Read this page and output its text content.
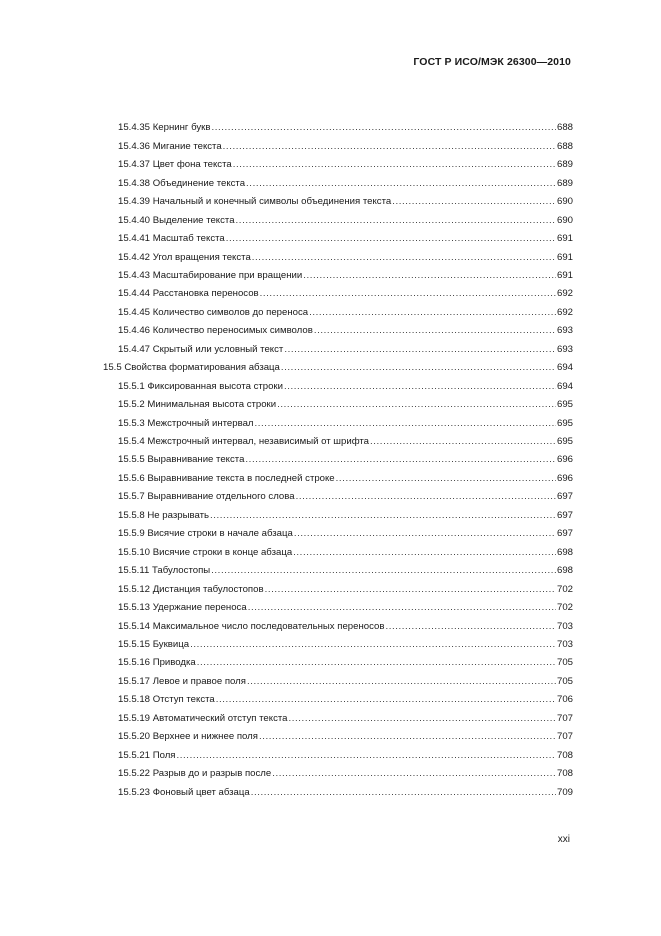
ГОСТ Р ИСО/МЭК 26300—2010
15.4.35 Кернинг букв .....	688
15.4.36 Мигание текста .....	688
15.4.37 Цвет фона текста .....	689
15.4.38 Объединение текста .....	689
15.4.39 Начальный и конечный символы объединения текста .....	690
15.4.40 Выделение текста .....	690
15.4.41 Масштаб текста .....	691
15.4.42 Угол вращения текста .....	691
15.4.43 Масштабирование при вращении .....	691
15.4.44 Расстановка переносов .....	692
15.4.45 Количество символов до переноса .....	692
15.4.46 Количество переносимых символов .....	693
15.4.47 Скрытый или условный текст .....	693
15.5 Свойства форматирования абзаца .....	694
15.5.1 Фиксированная высота строки .....	694
15.5.2 Минимальная высота строки .....	695
15.5.3 Межстрочный интервал .....	695
15.5.4 Межстрочный интервал, независимый от шрифта .....	695
15.5.5 Выравнивание текста .....	696
15.5.6 Выравнивание текста в последней строке .....	696
15.5.7 Выравнивание отдельного слова .....	697
15.5.8 Не разрывать .....	697
15.5.9 Висячие строки в начале абзаца .....	697
15.5.10 Висячие строки в конце абзаца .....	698
15.5.11 Табулостопы .....	698
15.5.12 Дистанция табулостопов .....	702
15.5.13 Удержание переноса .....	702
15.5.14 Максимальное число последовательных переносов .....	703
15.5.15 Буквица .....	703
15.5.16 Приводка .....	705
15.5.17 Левое и правое поля .....	705
15.5.18 Отступ текста .....	706
15.5.19 Автоматический отступ текста .....	707
15.5.20 Верхнее и нижнее поля .....	707
15.5.21 Поля .....	708
15.5.22 Разрыв до и разрыв после .....	708
15.5.23 Фоновый цвет абзаца .....	709
xxi
